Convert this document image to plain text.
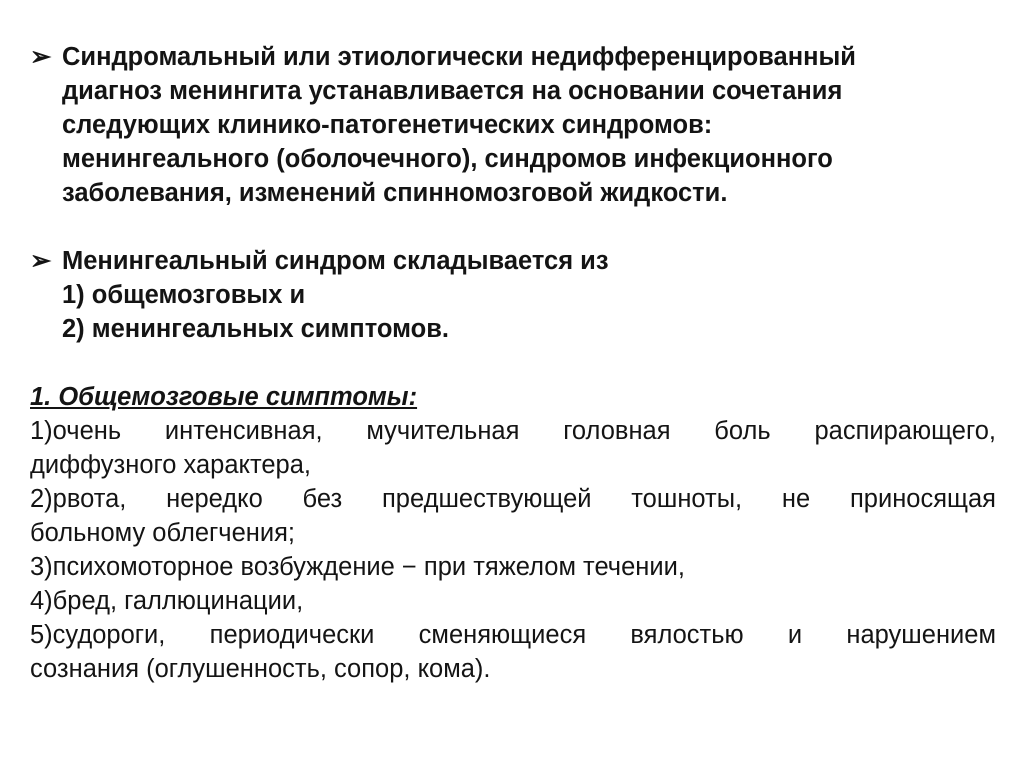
➢ Синдромальный или этиологически недифференцированный
диагноз менингита устанавливается на основании сочетания
следующих клинико-патогенетических синдромов:
менингеального (оболочечного), синдромов инфекционного
заболевания, изменений спинномозговой жидкости.
➢ Менингеальный синдром складывается из
1) общемозговых и
2) менингеальных симптомов.
1. Общемозговые симптомы:
1)очень интенсивная, мучительная головная боль распирающего,
диффузного характера,
2)рвота, нередко без предшествующей тошноты, не приносящая
больному облегчения;
3)психомоторное возбуждение − при тяжелом течении,
4)бред, галлюцинации,
5)судороги, периодически сменяющиеся вялостью и нарушением
сознания (оглушенность, сопор, кома).
